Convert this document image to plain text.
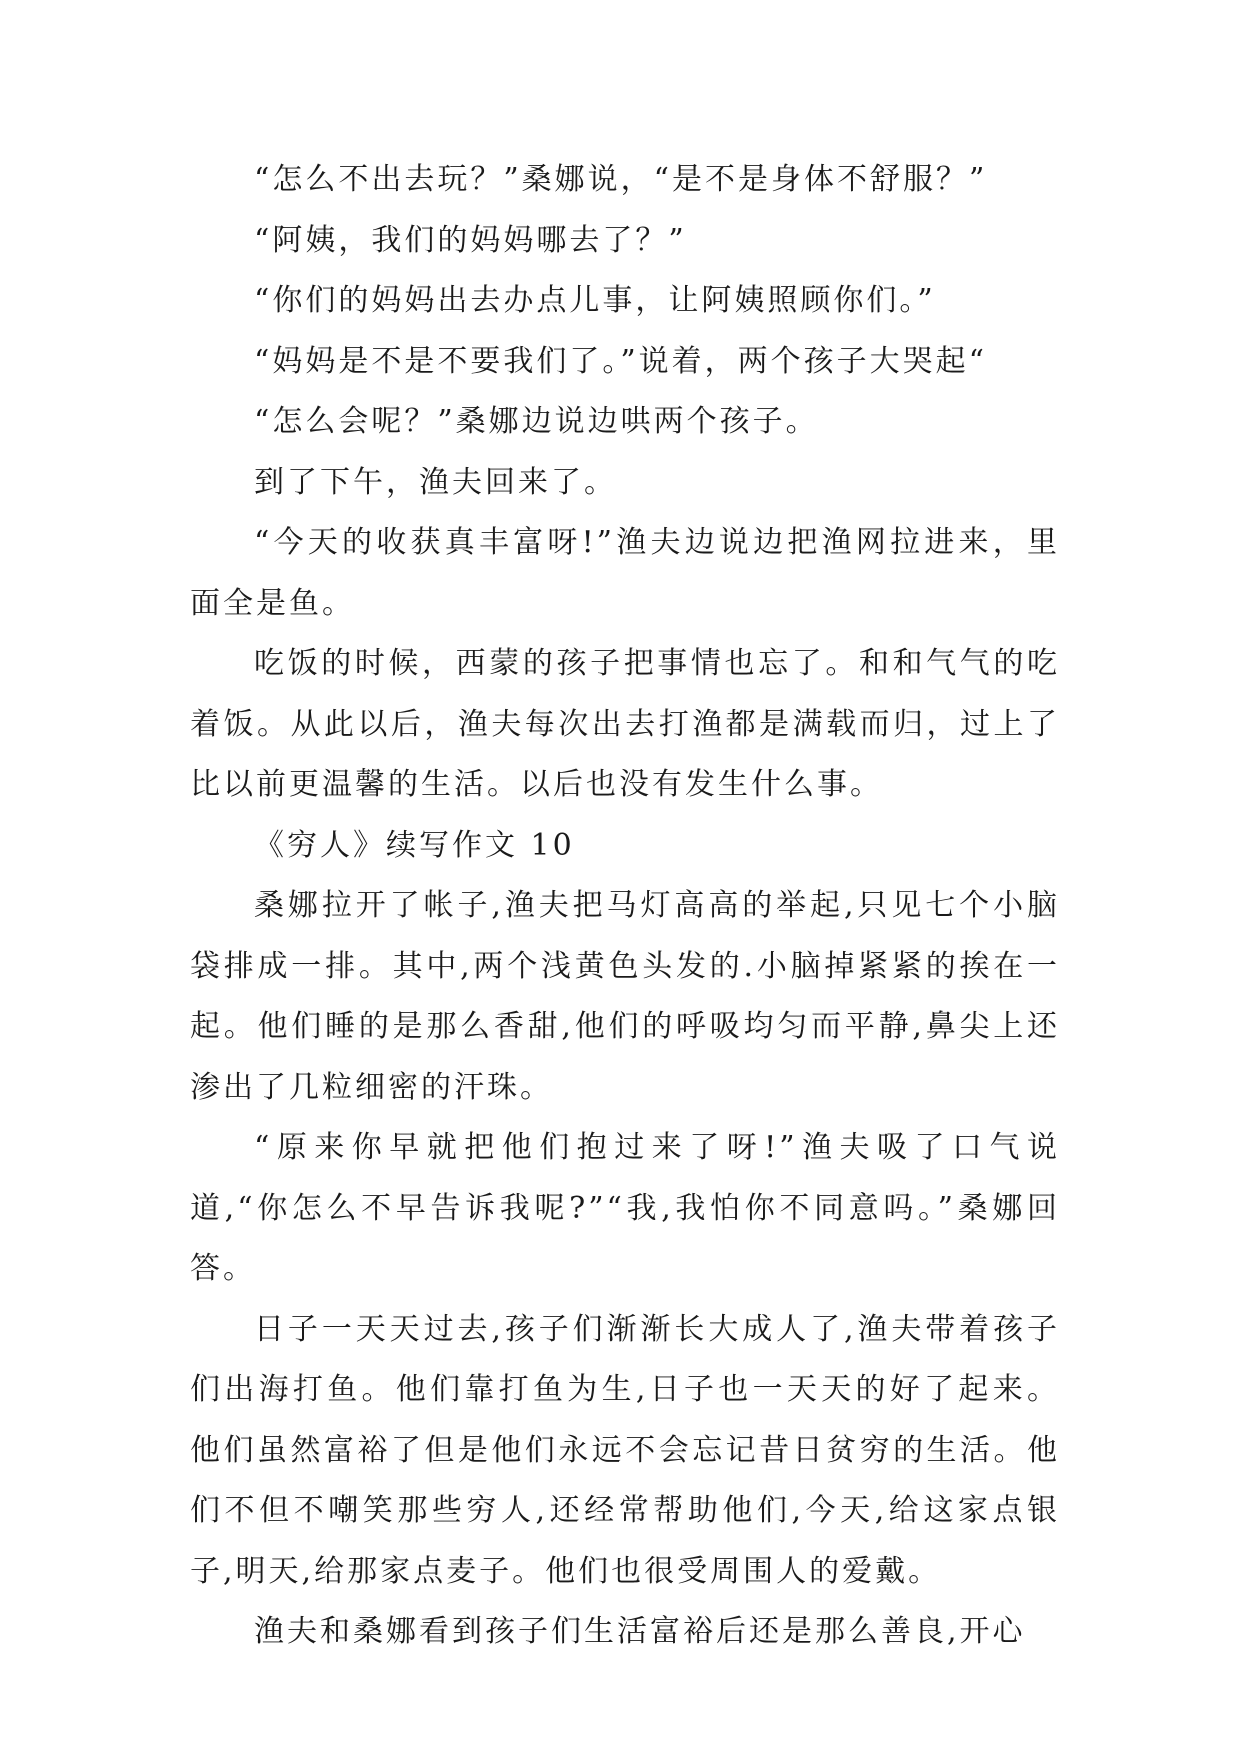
“怎么不出去玩？”桑娜说，“是不是身体不舒服？”

“阿姨，我们的妈妈哪去了？”

“你们的妈妈出去办点儿事，让阿姨照顾你们。”

“妈妈是不是不要我们了。”说着，两个孩子大哭起“

“怎么会呢？”桑娜边说边哄两个孩子。

到了下午，渔夫回来了。

“今天的收获真丰富呀!”渔夫边说边把渔网拉进来，里面全是鱼。

吃饭的时候，西蒙的孩子把事情也忘了。和和气气的吃着饭。从此以后，渔夫每次出去打渔都是满载而归，过上了比以前更温馨的生活。以后也没有发生什么事。

《穷人》续写作文 10

桑娜拉开了帐子,渔夫把马灯高高的举起,只见七个小脑袋排成一排。其中,两个浅黄色头发的.小脑掉紧紧的挨在一起。他们睡的是那么香甜,他们的呼吸均匀而平静,鼻尖上还渗出了几粒细密的汗珠。

“原来你早就把他们抱过来了呀!”渔夫吸了口气说道,“你怎么不早告诉我呢?”“我,我怕你不同意吗。”桑娜回答。

日子一天天过去,孩子们渐渐长大成人了,渔夫带着孩子们出海打鱼。他们靠打鱼为生,日子也一天天的好了起来。他们虽然富裕了但是他们永远不会忘记昔日贫穷的生活。他们不但不嘲笑那些穷人,还经常帮助他们,今天,给这家点银子,明天,给那家点麦子。他们也很受周围人的爱戴。

渔夫和桑娜看到孩子们生活富裕后还是那么善良,开心
